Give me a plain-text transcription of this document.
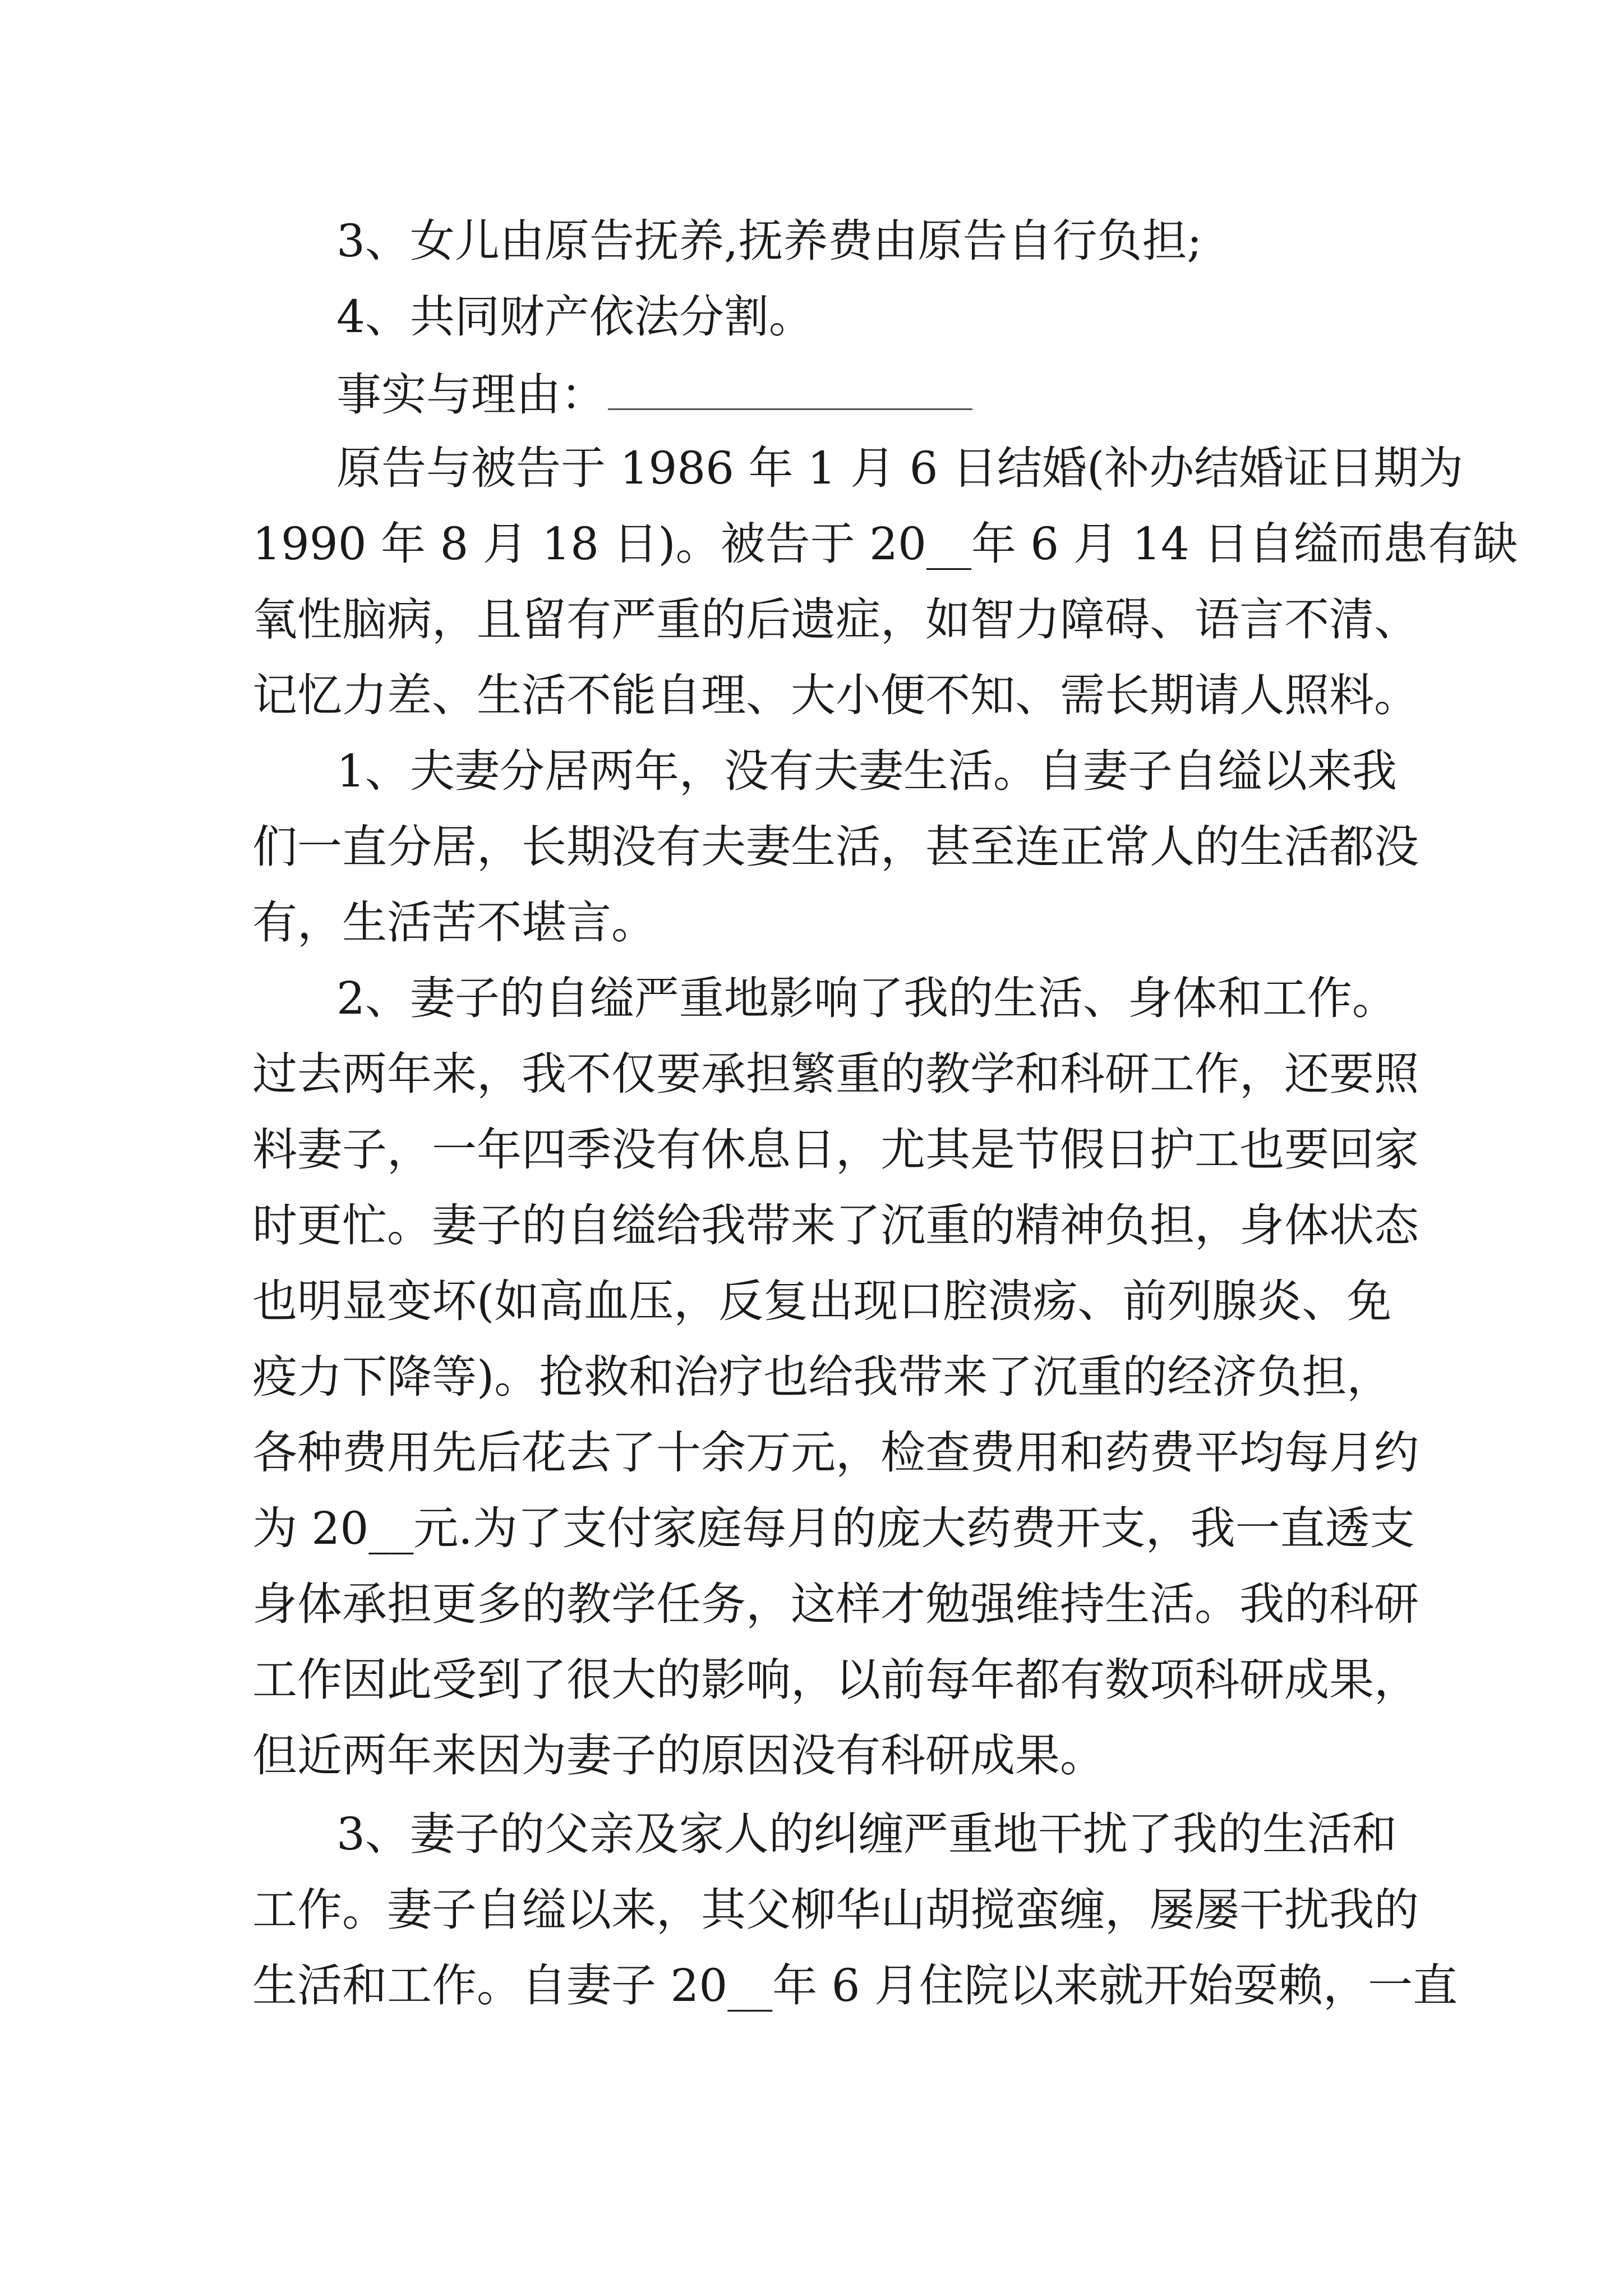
3、女儿由原告抚养,抚养费由原告自行负担;

4、共同财产依法分割。

事实与理由：

原告与被告于 1986 年 1 月 6 日结婚(补办结婚证日期为

1990 年 8 月 18 日)。被告于 20__年 6 月 14 日自缢而患有缺

氧性脑病，且留有严重的后遗症，如智力障碍、语言不清、

记忆力差、生活不能自理、大小便不知、需长期请人照料。

1、夫妻分居两年，没有夫妻生活。自妻子自缢以来我

们一直分居，长期没有夫妻生活，甚至连正常人的生活都没

有，生活苦不堪言。

2、妻子的自缢严重地影响了我的生活、身体和工作。

过去两年来，我不仅要承担繁重的教学和科研工作，还要照

料妻子，一年四季没有休息日，尤其是节假日护工也要回家

时更忙。妻子的自缢给我带来了沉重的精神负担，身体状态

也明显变坏(如高血压，反复出现口腔溃疡、前列腺炎、免

疫力下降等)。抢救和治疗也给我带来了沉重的经济负担，

各种费用先后花去了十余万元，检查费用和药费平均每月约

为 20__元.为了支付家庭每月的庞大药费开支，我一直透支

身体承担更多的教学任务，这样才勉强维持生活。我的科研

工作因此受到了很大的影响，以前每年都有数项科研成果，

但近两年来因为妻子的原因没有科研成果。

3、妻子的父亲及家人的纠缠严重地干扰了我的生活和

工作。妻子自缢以来，其父柳华山胡搅蛮缠，屡屡干扰我的

生活和工作。自妻子 20__年 6 月住院以来就开始耍赖，一直
